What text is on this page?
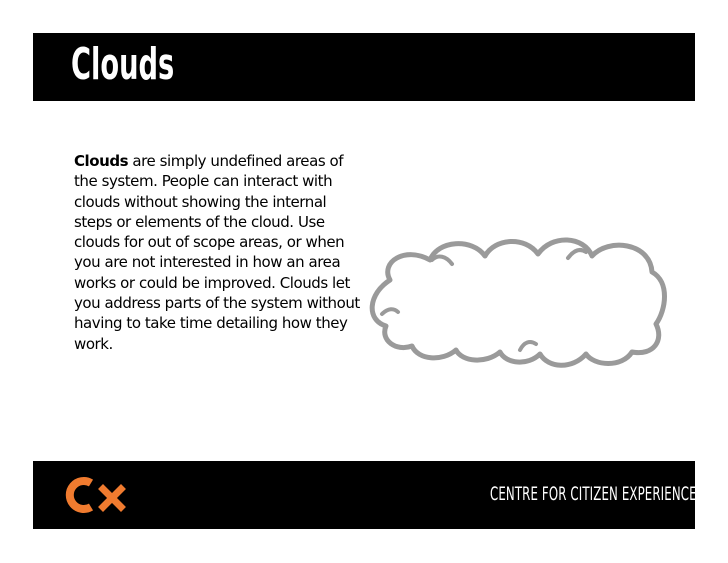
Clouds
Clouds are simply undefined areas of the system. People can interact with clouds without showing the internal steps or elements of the cloud. Use clouds for out of scope areas, or when you are not interested in how an area works or could be improved. Clouds let you address parts of the system without having to take time detailing how they work.
CENTRE FOR CITIZEN EXPERIENCE
